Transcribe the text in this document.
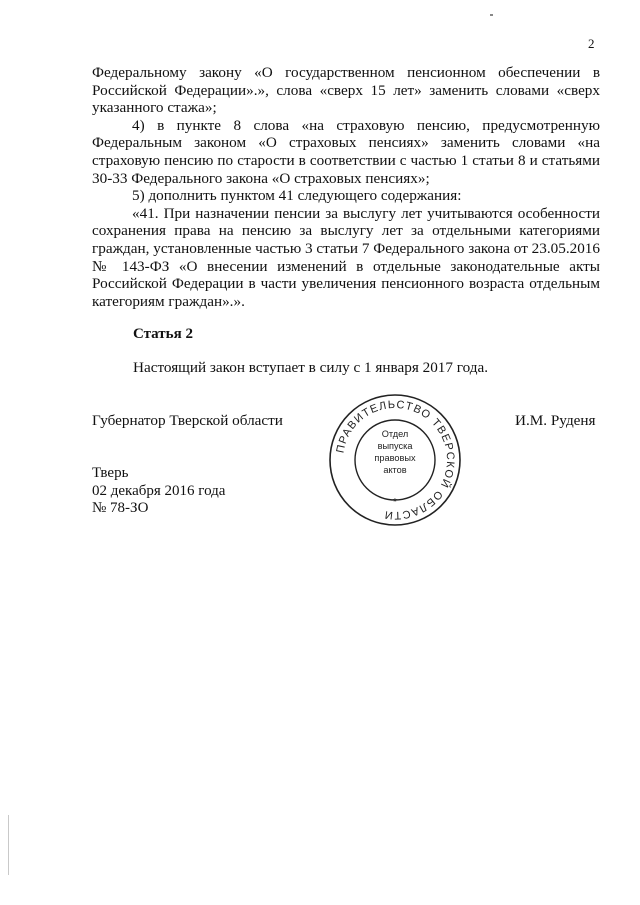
2

Федеральному закону «О государственном пенсионном обеспечении в Российской Федерации».», слова «сверх 15 лет» заменить словами «сверх указанного стажа»;

4) в пункте 8 слова «на страховую пенсию, предусмотренную Федеральным законом «О страховых пенсиях» заменить словами «на страховую пенсию по старости в соответствии с частью 1 статьи 8 и статьями 30-33 Федерального закона «О страховых пенсиях»;

5) дополнить пунктом 41 следующего содержания:

«41. При назначении пенсии за выслугу лет учитываются особенности сохранения права на пенсию за выслугу лет за отдельными категориями граждан, установленные частью 3 статьи 7 Федерального закона от 23.05.2016 № 143-ФЗ «О внесении изменений в отдельные законодательные акты Российской Федерации в части увеличения пенсионного возраста отдельным категориям граждан».».

Статья 2
Настоящий закон вступает в силу с 1 января 2017 года.
Губернатор Тверской области	И.М. Руденя
Тверь
02 декабря 2016 года
№ 78-ЗО
ПРАВИТЕЛЬСТВО ТВЕРСКОЙ ОБЛАСТИ
Отдел
выпуска
правовых
актов
*
